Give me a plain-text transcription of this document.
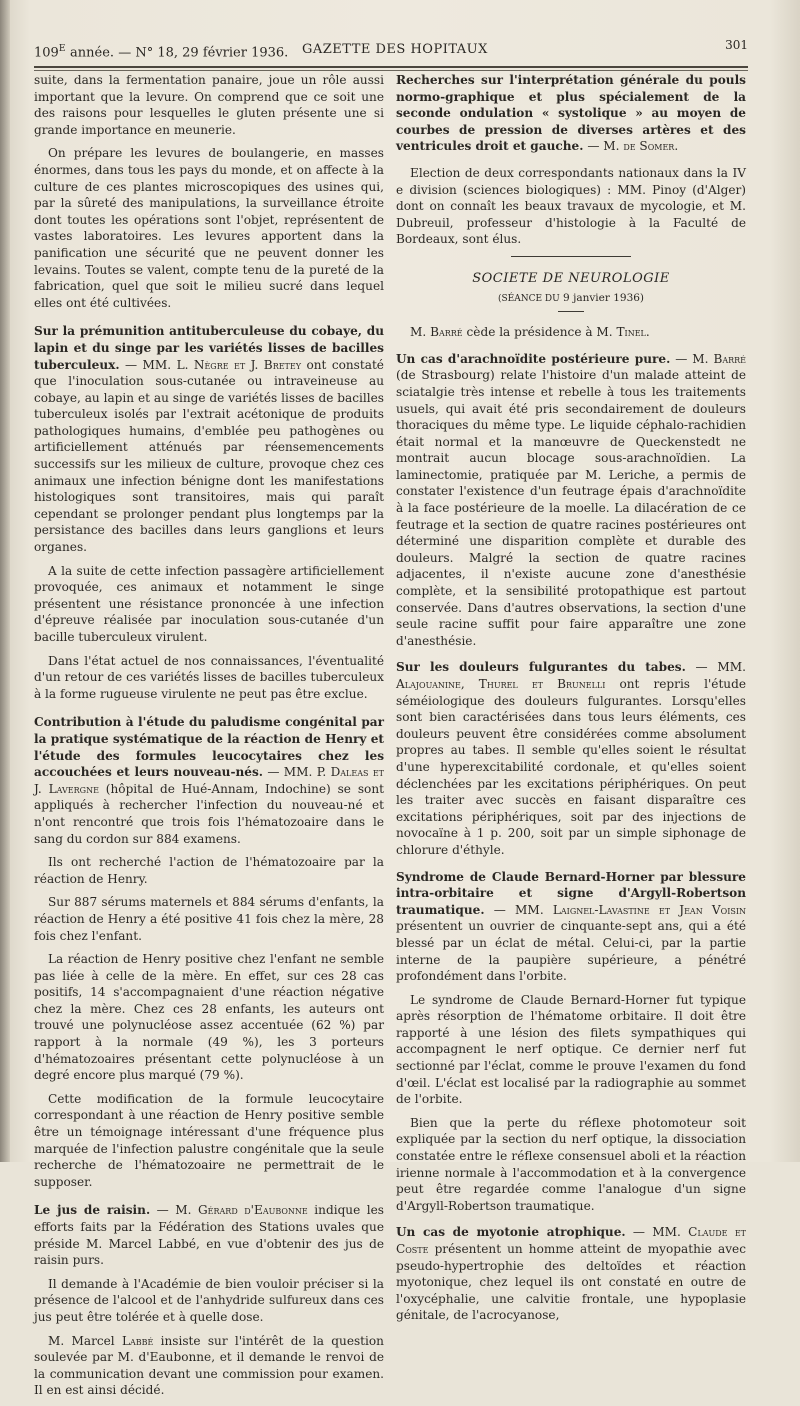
$109^E$ année. — N° 18, 29 février 1936. GAZETTE DES HOPITAUX	301

suite, dans la fermentation panaire, joue un rôle aussi important que la levure. On comprend que ce soit une des raisons pour lesquelles le gluten présente une si grande importance en meunerie.

On prépare les levures de boulangerie, en masses énormes, dans tous les pays du monde, et on affecte à la culture de ces plantes microscopiques des usines qui, par la sûreté des manipulations, la surveillance étroite dont toutes les opérations sont l'objet, représentent de vastes laboratoires. Les levures apportent dans la panification une sécurité que ne peuvent donner les levains. Toutes se valent, compte tenu de la pureté de la fabrication, quel que soit le milieu sucré dans lequel elles ont été cultivées.

Sur la prémunition antituberculeuse du cobaye, du lapin et du singe par les variétés lisses de bacilles tuberculeux. — MM. L. Nègre et J. Bretey ont constaté que l'inoculation sous-cutanée ou intraveineuse au cobaye, au lapin et au singe de variétés lisses de bacilles tuberculeux isolés par l'extrait acétonique de produits pathologiques humains, d'emblée peu pathogènes ou artificiellement atténués par réensemencements successifs sur les milieux de culture, provoque chez ces animaux une infection bénigne dont les manifestations histologiques sont transitoires, mais qui paraît cependant se prolonger pendant plus longtemps par la persistance des bacilles dans leurs ganglions et leurs organes.

A la suite de cette infection passagère artificiellement provoquée, ces animaux et notamment le singe présentent une résistance prononcée à une infection d'épreuve réalisée par inoculation sous-cutanée d'un bacille tuberculeux virulent.

Dans l'état actuel de nos connaissances, l'éventualité d'un retour de ces variétés lisses de bacilles tuberculeux à la forme rugueuse virulente ne peut pas être exclue.

Contribution à l'étude du paludisme congénital par la pratique systématique de la réaction de Henry et l'étude des formules leucocytaires chez les accouchées et leurs nouveau-nés. — MM. P. Daleas et J. Lavergne (hôpital de Hué-Annam, Indochine) se sont appliqués à rechercher l'infection du nouveau-né et n'ont rencontré que trois fois l'hématozoaire dans le sang du cordon sur 884 examens.

Ils ont recherché l'action de l'hématozoaire par la réaction de Henry.

Sur 887 sérums maternels et 884 sérums d'enfants, la réaction de Henry a été positive 41 fois chez la mère, 28 fois chez l'enfant.

La réaction de Henry positive chez l'enfant ne semble pas liée à celle de la mère. En effet, sur ces 28 cas positifs, 14 s'accompagnaient d'une réaction négative chez la mère. Chez ces 28 enfants, les auteurs ont trouvé une polynucléose assez accentuée (62 %) par rapport à la normale (49 %), les 3 porteurs d'hématozoaires présentant cette polynucléose à un degré encore plus marqué (79 %).

Cette modification de la formule leucocytaire correspondant à une réaction de Henry positive semble être un témoignage intéressant d'une fréquence plus marquée de l'infection palustre congénitale que la seule recherche de l'hématozoaire ne permettrait de le supposer.

Le jus de raisin. — M. Gérard d'Eaubonne indique les efforts faits par la Fédération des Stations uvales que préside M. Marcel Labbé, en vue d'obtenir des jus de raisin purs.

Il demande à l'Académie de bien vouloir préciser si la présence de l'alcool et de l'anhydride sulfureux dans ces jus peut être tolérée et à quelle dose.

M. Marcel Labbé insiste sur l'intérêt de la question soulevée par M. d'Eaubonne, et il demande le renvoi de la communication devant une commission pour examen. Il en est ainsi décidé.

Recherches sur l'interprétation générale du pouls normo-graphique et plus spécialement de la seconde ondulation « systolique » au moyen de courbes de pression de diverses artères et des ventricules droit et gauche. — M. de Somer.

Election de deux correspondants nationaux dans la IV e division (sciences biologiques) : MM. Pinoy (d'Alger) dont on connaît les beaux travaux de mycologie, et M. Dubreuil, professeur d'histologie à la Faculté de Bordeaux, sont élus.

SOCIETE DE NEUROLOGIE
(SÉANCE DU 9 janvier 1936)

M. Barré cède la présidence à M. Tinel.

Un cas d'arachnoïdite postérieure pure. — M. Barré (de Strasbourg) relate l'histoire d'un malade atteint de sciatalgie très intense et rebelle à tous les traitements usuels, qui avait été pris secondairement de douleurs thoraciques du même type. Le liquide céphalo-rachidien était normal et la manœuvre de Queckenstedt ne montrait aucun blocage sous-arachnoïdien. La laminectomie, pratiquée par M. Leriche, a permis de constater l'existence d'un feutrage épais d'arachnoïdite à la face postérieure de la moelle. La dilacération de ce feutrage et la section de quatre racines postérieures ont déterminé une disparition complète et durable des douleurs. Malgré la section de quatre racines adjacentes, il n'existe aucune zone d'anesthésie complète, et la sensibilité protopathique est partout conservée. Dans d'autres observations, la section d'une seule racine suffit pour faire apparaître une zone d'anesthésie.

Sur les douleurs fulgurantes du tabes. — MM. Alajouanine, Thurel et Brunelli ont repris l'étude séméiologique des douleurs fulgurantes. Lorsqu'elles sont bien caractérisées dans tous leurs éléments, ces douleurs peuvent être considérées comme absolument propres au tabes. Il semble qu'elles soient le résultat d'une hyperexcitabilité cordonale, et qu'elles soient déclenchées par les excitations périphériques. On peut les traiter avec succès en faisant disparaître ces excitations périphériques, soit par des injections de novocaïne à 1 p. 200, soit par un simple siphonage de chlorure d'éthyle.

Syndrome de Claude Bernard-Horner par blessure intra-orbitaire et signe d'Argyll-Robertson traumatique. — MM. Laignel-Lavastine et Jean Voisin présentent un ouvrier de cinquante-sept ans, qui a été blessé par un éclat de métal. Celui-ci, par la partie interne de la paupière supérieure, a pénétré profondément dans l'orbite.

Le syndrome de Claude Bernard-Horner fut typique après résorption de l'hématome orbitaire. Il doit être rapporté à une lésion des filets sympathiques qui accompagnent le nerf optique. Ce dernier nerf fut sectionné par l'éclat, comme le prouve l'examen du fond d'œil. L'éclat est localisé par la radiographie au sommet de l'orbite.

Bien que la perte du réflexe photomoteur soit expliquée par la section du nerf optique, la dissociation constatée entre le réflexe consensuel aboli et la réaction irienne normale à l'accommodation et à la convergence peut être regardée comme l'analogue d'un signe d'Argyll-Robertson traumatique.

Un cas de myotonie atrophique. — MM. Claude et Coste présentent un homme atteint de myopathie avec pseudo-hypertrophie des deltoïdes et réaction myotonique, chez lequel ils ont constaté en outre de l'oxycéphalie, une calvitie frontale, une hypoplasie génitale, de l'acrocyanose,
